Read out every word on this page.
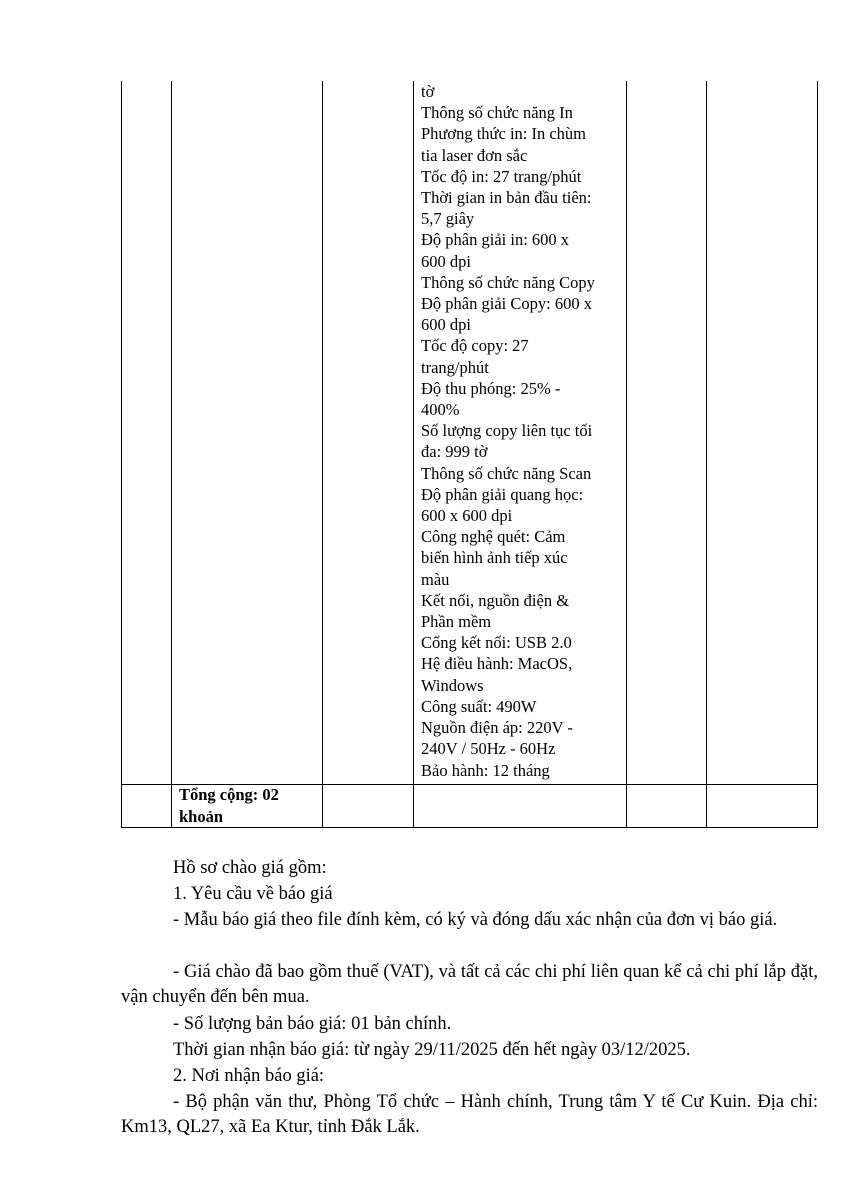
tờ
Thông số chức năng In
Phương thức in: In chùm
tia laser đơn sắc
Tốc độ in: 27 trang/phút
Thời gian in bản đầu tiên:
5,7 giây
Độ phân giải in: 600 x
600 dpi
Thông số chức năng Copy
Độ phân giải Copy: 600 x
600 dpi
Tốc độ copy: 27
trang/phút
Độ thu phóng: 25% -
400%
Số lượng copy liên tục tối
đa: 999 tờ
Thông số chức năng Scan
Độ phân giải quang học:
600 x 600 dpi
Công nghệ quét: Cảm
biến hình ảnh tiếp xúc
màu
Kết nối, nguồn điện &
Phần mềm
Cổng kết nối: USB 2.0
Hệ điều hành: MacOS,
Windows
Công suất: 490W
Nguồn điện áp: 220V -
240V / 50Hz - 60Hz
Bảo hành: 12 tháng
Tổng cộng: 02
khoản
Hồ sơ chào giá gồm:
1. Yêu cầu về báo giá
- Mẫu báo giá theo file đính kèm, có ký và đóng dấu xác nhận của đơn vị báo giá.
- Giá chào đã bao gồm thuế (VAT), và tất cả các chi phí liên quan kể cả chi phí lắp đặt, vận chuyển đến bên mua.
- Số lượng bản báo giá: 01 bản chính.
Thời gian nhận báo giá: từ ngày 29/11/2025 đến hết ngày 03/12/2025.
2. Nơi nhận báo giá:
- Bộ phận văn thư, Phòng Tổ chức – Hành chính, Trung tâm Y tế Cư Kuin. Địa chỉ: Km13, QL27, xã Ea Ktur, tỉnh Đắk Lắk.
